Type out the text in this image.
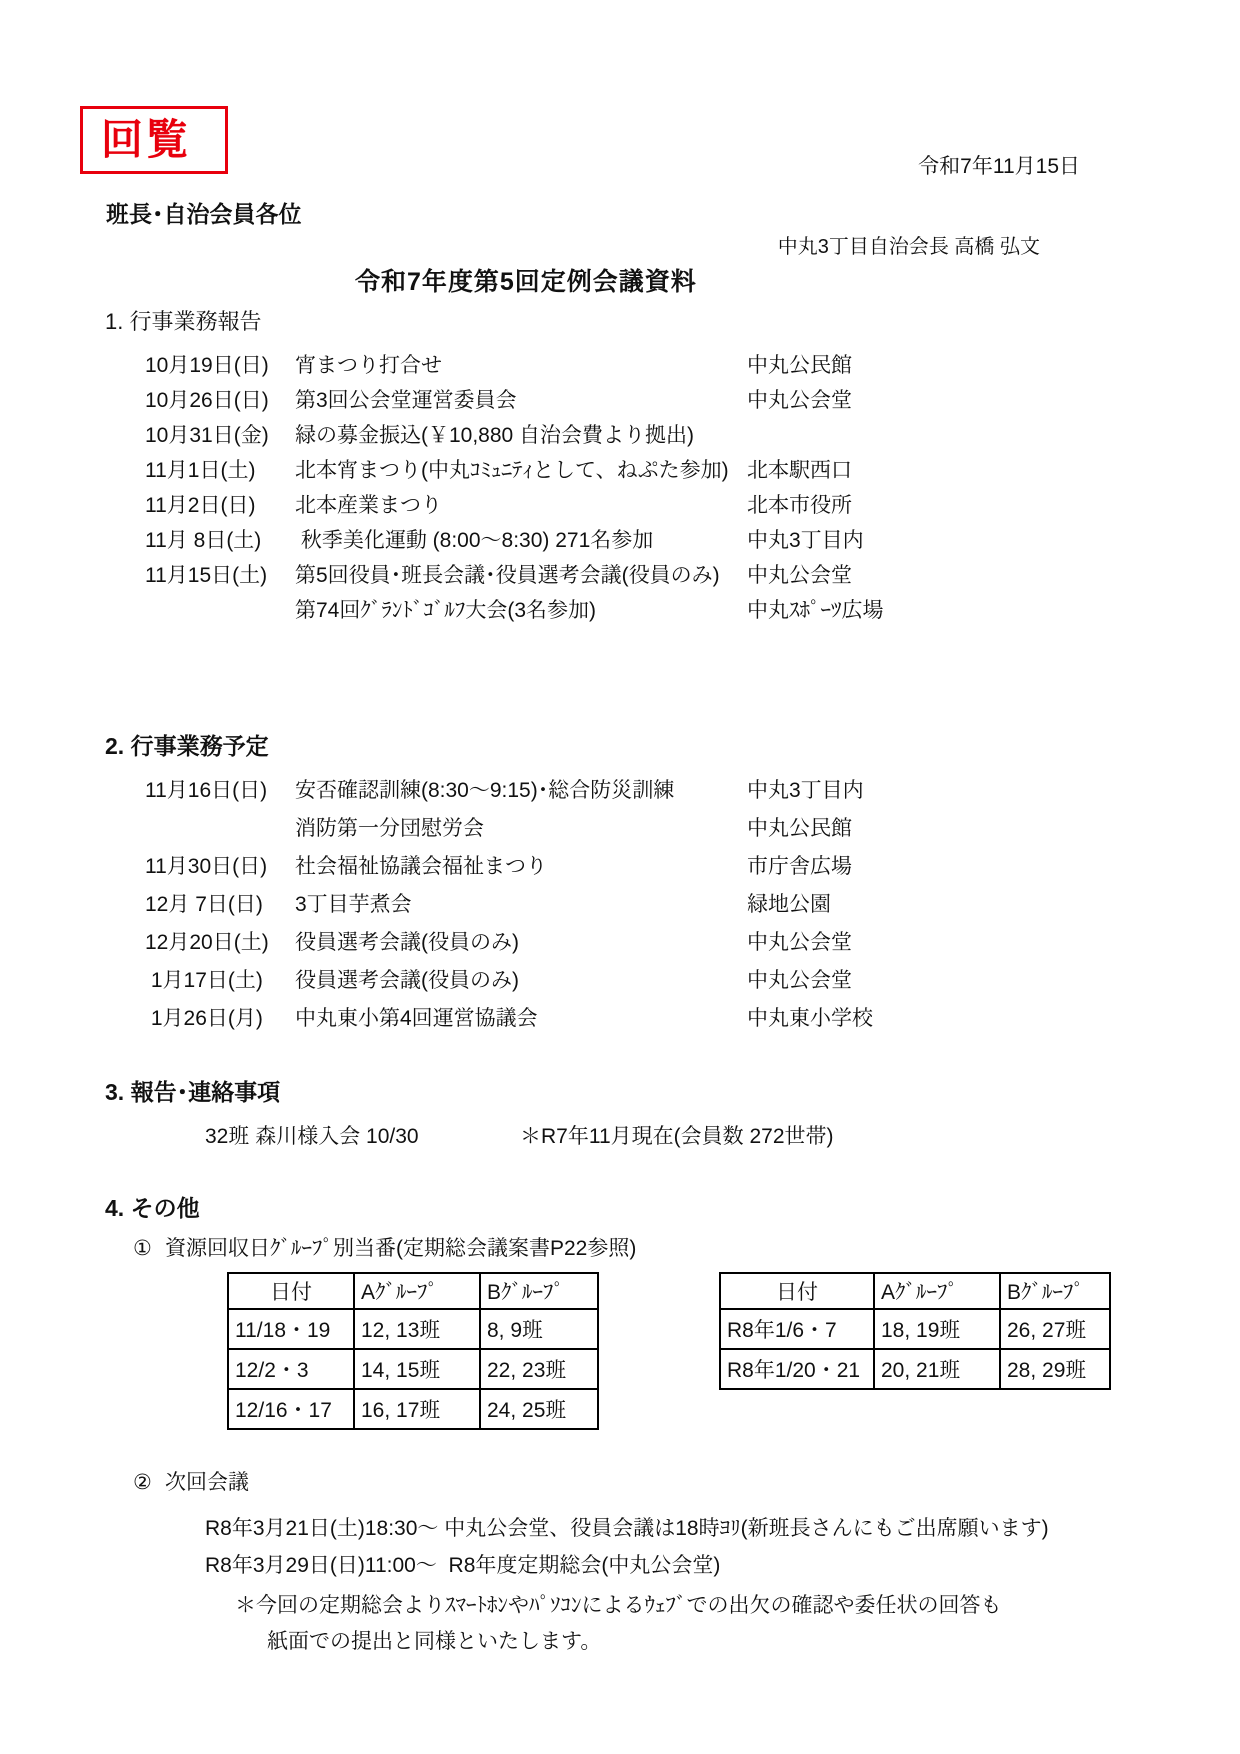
回覧
令和7年11月15日
班長･自治会員各位
中丸3丁目自治会長 高橋 弘文
令和7年度第5回定例会議資料
1. 行事業務報告
10月19日(日)	宵まつり打合せ	中丸公民館
10月26日(日)	第3回公会堂運営委員会	中丸公会堂
10月31日(金)	緑の募金振込(￥10,880 自治会費より拠出)
11月1日(土)	北本宵まつり(中丸ｺﾐｭﾆﾃｨとして、ねぷた参加) 北本駅西口
11月2日(日)	北本産業まつり	北本市役所
11月 8日(土)	秋季美化運動 (8:00～8:30) 271名参加	中丸3丁目内
11月15日(土)	第5回役員･班長会議･役員選考会議(役員のみ)	中丸公会堂
第74回ｸﾞﾗﾝﾄﾞｺﾞﾙﾌ大会(3名参加)	中丸ｽﾎﾟｰﾂ広場
2. 行事業務予定
11月16日(日)	安否確認訓練(8:30～9:15)･総合防災訓練	中丸3丁目内
消防第一分団慰労会	中丸公民館
11月30日(日)	社会福祉協議会福祉まつり	市庁舎広場
12月 7日(日)	3丁目芋煮会	緑地公園
12月20日(土)	役員選考会議(役員のみ)	中丸公会堂
1月17日(土)	役員選考会議(役員のみ)	中丸公会堂
1月26日(月)	中丸東小第4回運営協議会	中丸東小学校
3. 報告･連絡事項
32班 森川様入会 10/30	＊R7年11月現在(会員数 272世帯)
4. その他
① 資源回収日ｸﾞﾙｰﾌﾟ別当番(定期総会議案書P22参照)
日付	Aｸﾞﾙｰﾌﾟ	Bｸﾞﾙｰﾌﾟ
11/18・19	12, 13班	8, 9班
12/2・3	14, 15班	22, 23班
12/16・17	16, 17班	24, 25班
日付	Aｸﾞﾙｰﾌﾟ	Bｸﾞﾙｰﾌﾟ
R8年1/6・7	18, 19班	26, 27班
R8年1/20・21	20, 21班	28, 29班
② 次回会議
R8年3月21日(土)18:30～ 中丸公会堂、役員会議は18時ﾖﾘ(新班長さんにもご出席願います)
R8年3月29日(日)11:00～  R8年度定期総会(中丸公会堂)
＊今回の定期総会よりｽﾏｰﾄﾎﾝやﾊﾟｿｺﾝによるｳｪﾌﾞでの出欠の確認や委任状の回答も
紙面での提出と同様といたします。
